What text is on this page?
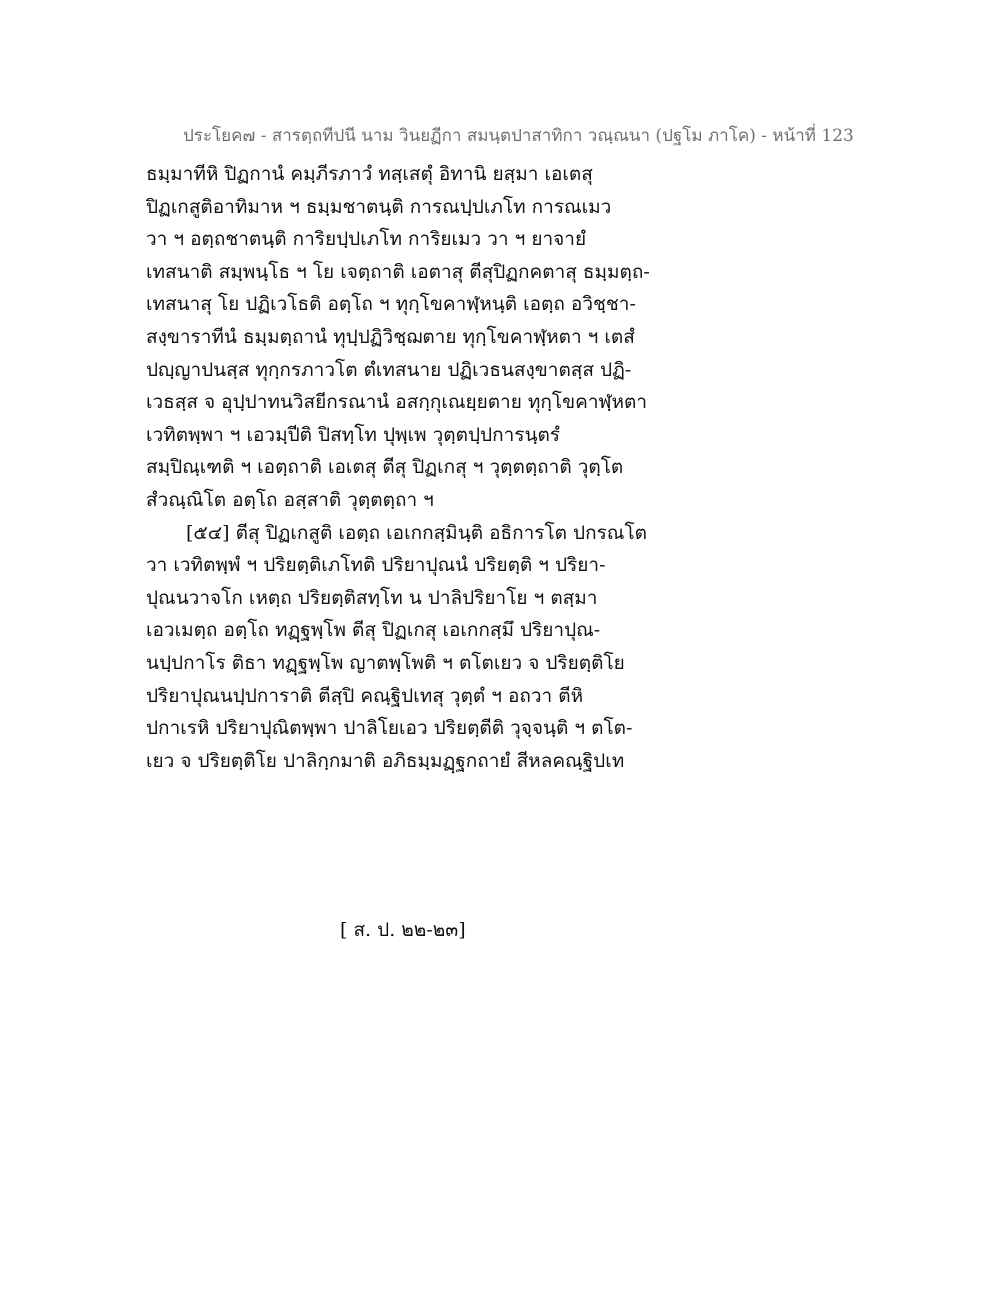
ประโยค๗ - สารตฺถทีปนี นาม วินยฏีกา สมนฺตปาสาทิกา วณฺณนา (ปฐโม ภาโค) - หน้าที่ 123
ธมฺมาทีหิ ปิฏกานํ คมฺภีรภาวํ ทสฺเสตุํ อิทานิ ยสฺมา เอเตสุ
ปิฏเกสูติอาทิมาห ฯ ธมฺมชาตนฺติ การณปฺปเภโท การณเมว
วา ฯ อตฺถชาตนฺติ การิยปฺปเภโท การิยเมว วา ฯ ยาจายํ
เทสนาติ สมฺพนฺโธ ฯ โย เจตฺถาติ เอตาสุ ตีสุปิฏกคตาสุ ธมฺมตฺถ-
เทสนาสุ โย ปฏิเวโธติ อตฺโถ ฯ ทุกฺโขคาฬฺหนฺติ เอตฺถ อวิชฺชา-
สงฺขาราทีนํ ธมฺมตฺถานํ ทุปฺปฏิวิชฺฌตาย ทุกฺโขคาฬฺหตา ฯ เตสํ
ปญฺญาปนสฺส ทุกฺกรภาวโต ตํเทสนาย ปฏิเวธนสงฺขาตสฺส ปฏิ-
เวธสฺส จ อุปฺปาทนวิสยีกรณานํ อสกฺกุเณยฺยตาย ทุกฺโขคาฬฺหตา
เวทิตพฺพา ฯ เอวมฺปีติ ปิสทฺโท ปุพฺเพ วุตฺตปฺปการนฺตรํ
สมฺปิณฺเฑติ ฯ เอตฺถาติ เอเตสุ ตีสุ ปิฏเกสุ ฯ วุตฺตตฺถาติ วุตฺโต
สํวณฺณิโต อตฺโถ อสฺสาติ วุตฺตตฺถา ฯ
[๕๔] ตีสุ ปิฏเกสูติ เอตฺถ เอเกกสฺมินฺติ อธิการโต ปกรณโต
วา เวทิตพฺพํ ฯ ปริยตฺติเภโทติ ปริยาปุณนํ ปริยตฺติ ฯ ปริยา-
ปุณนวาจโก เหตฺถ ปริยตฺติสทฺโท น ปาลิปริยาโย ฯ ตสฺมา
เอวเมตฺถ อตฺโถ ทฏฺฐพฺโพ ตีสุ ปิฏเกสุ เอเกกสฺมึ ปริยาปุณ-
นปฺปกาโร ติธา ทฏฺฐพฺโพ ญาตพฺโพติ ฯ ตโตเยว จ ปริยตฺติโย
ปริยาปุณนปฺปการาติ ตีสฺปิ คณฺฐิปเทสุ วุตฺตํ ฯ อถวา ตีหิ
ปกาเรหิ ปริยาปุณิตพฺพา ปาลิโยเอว ปริยตฺตีติ วุจฺจนฺติ ฯ ตโต-
เยว จ ปริยตฺติโย ปาลิกฺกมาติ อภิธมฺมฏฺฐกถายํ สีหลคณฺฐิปเท
[ ส. ป. ๒๒-๒๓]
